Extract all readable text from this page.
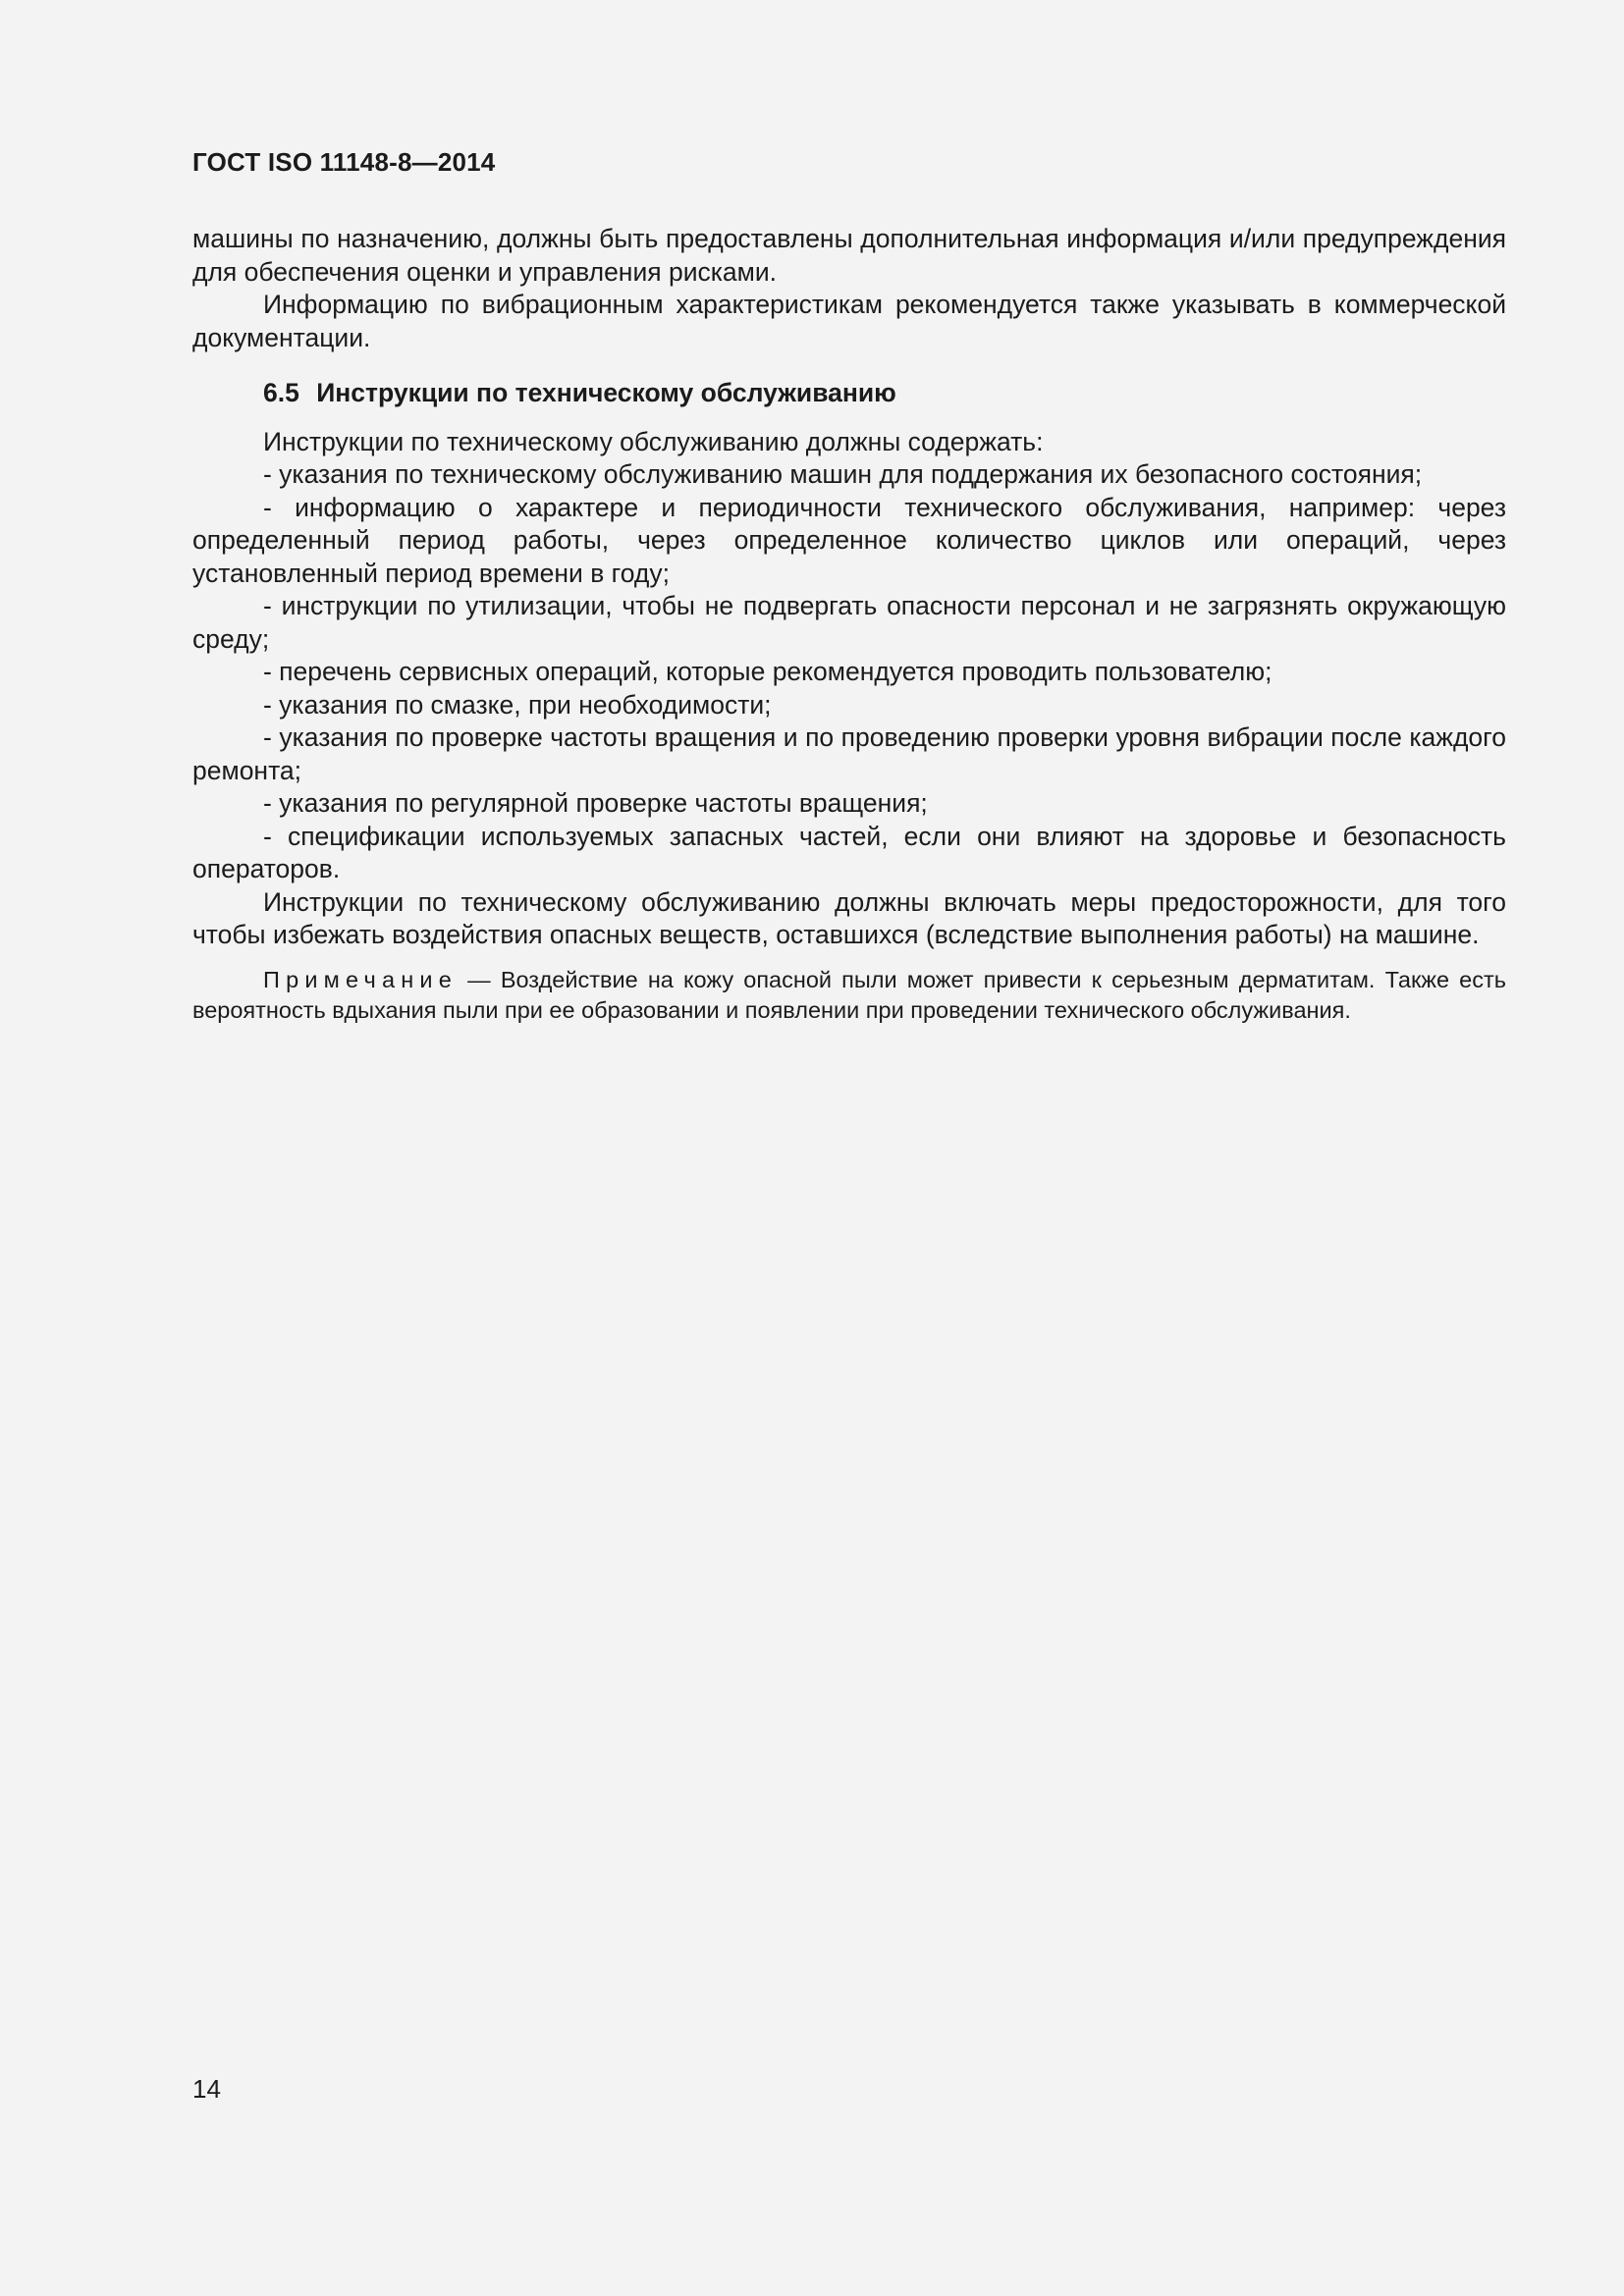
ГОСТ ISO 11148-8—2014

машины по назначению, должны быть предоставлены дополнительная информация и/или предупреждения для обеспечения оценки и управления рисками.

Информацию по вибрационным характеристикам рекомендуется также указывать в коммерческой документации.

6.5 Инструкции по техническому обслуживанию

Инструкции по техническому обслуживанию должны содержать:

- указания по техническому обслуживанию машин для поддержания их безопасного состояния;

- информацию о характере и периодичности технического обслуживания, например: через определенный период работы, через определенное количество циклов или операций, через установленный период времени в году;

- инструкции по утилизации, чтобы не подвергать опасности персонал и не загрязнять окружающую среду;

- перечень сервисных операций, которые рекомендуется проводить пользователю;

- указания по смазке, при необходимости;

- указания по проверке частоты вращения и по проведению проверки уровня вибрации после каждого ремонта;

- указания по регулярной проверке частоты вращения;

- спецификации используемых запасных частей, если они влияют на здоровье и безопасность операторов.

Инструкции по техническому обслуживанию должны включать меры предосторожности, для того чтобы избежать воздействия опасных веществ, оставшихся (вследствие выполнения работы) на машине.

Примечание — Воздействие на кожу опасной пыли может привести к серьезным дерматитам. Также есть вероятность вдыхания пыли при ее образовании и появлении при проведении технического обслуживания.

14
